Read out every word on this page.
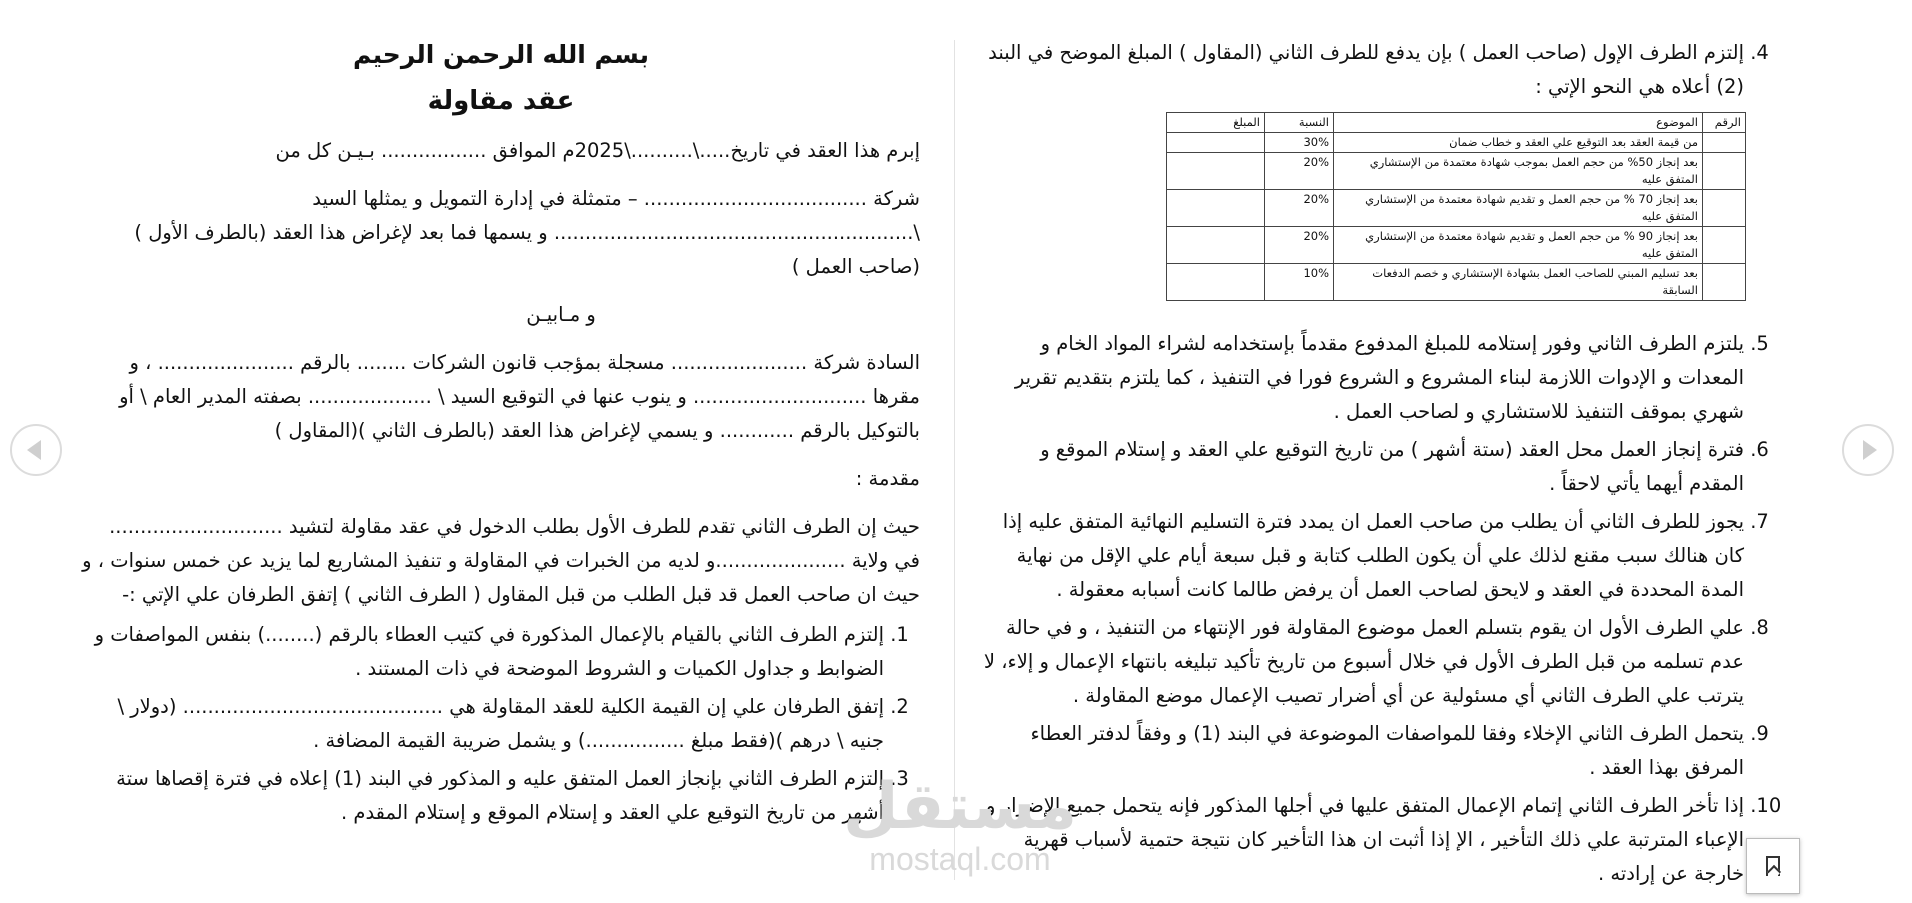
بسم الله الرحمن الرحيم

عقد مقاولة

إبرم هذا العقد في تاريخ.....\..........\2025م الموافق ................. بـيـن كل من

شركة .................................... – متمثلة في إدارة التمويل و يمثلها السيد \.......................................................... و يسمها فما بعد لإغراض هذا العقد (بالطرف الأول ) (صاحب العمل )

و مـابيـن

السادة شركة ...................... مسجلة بمؤجب قانون الشركات ........ بالرقم ...................... ، و مقرها ............................ و ينوب عنها في التوقيع السيد \ .................... بصفته المدير العام \ أو بالتوكيل بالرقم ............ و يسمي لإغراض هذا العقد (بالطرف الثاني )(المقاول )

مقدمة :

حيث إن الطرف الثاني تقدم للطرف الأول بطلب الدخول في عقد مقاولة لتشيد ............................ في ولاية .....................و لديه من الخبرات في المقاولة و تنفيذ المشاريع لما يزيد عن خمس سنوات ، و حيث ان صاحب العمل قد قبل الطلب من قبل المقاول ( الطرف الثاني ) إتفق الطرفان علي الإتي :-

1. إلتزم الطرف الثاني بالقيام بالإعمال المذكورة في كتيب العطاء بالرقم (........) بنفس المواصفات و الضوابط و جداول الكميات و الشروط الموضحة في ذات المستند .
2. إتفق الطرفان علي إن القيمة الكلية للعقد المقاولة هي .......................................... (دولار \ جنيه \ درهم )(فقط مبلغ ................) و يشمل ضريبة القيمة المضافة .
3. إلتزم الطرف الثاني بإنجاز العمل المتفق عليه و المذكور في البند (1) إعلاه في فترة إقصاها ستة أشهر من تاريخ التوقيع علي العقد و إستلام الموقع و إستلام المقدم .
4. إلتزم الطرف الإول (صاحب العمل ) بإن يدفع للطرف الثاني (المقاول ) المبلغ الموضح في البند (2) أعلاه هي النحو الإتي :
الرقم	الموضوع	النسبة	المبلغ
	من قيمة العقد بعد التوقيع علي العقد و خطاب ضمان	30%	
	بعد إنجاز 50% من حجم العمل بموجب شهادة معتمدة من الإستشاري المتفق عليه	20%	
	بعد إنجاز 70 % من حجم العمل و تقديم شهادة معتمدة من الإستشاري المتفق عليه	20%	
	بعد إنجاز 90 % من حجم العمل و تقديم شهادة معتمدة من الإستشاري المتفق عليه	20%	
	بعد تسليم المبني للصاحب العمل بشهادة الإستشاري و خصم الدفعات السابقة	10%	
5. يلتزم الطرف الثاني وفور إستلامه للمبلغ المدفوع مقدماً بإستخدامه لشراء المواد الخام و المعدات و الإدوات اللازمة لبناء المشروع و الشروع فورا في التنفيذ ، كما يلتزم بتقديم تقرير شهري بموقف التنفيذ للاستشاري و لصاحب العمل .
6. فترة إنجاز العمل محل العقد (ستة أشهر ) من تاريخ التوقيع علي العقد و إستلام الموقع و المقدم أيهما يأتي لاحقاً .
7. يجوز للطرف الثاني أن يطلب من صاحب العمل ان يمدد فترة التسليم النهائية المتفق عليه إذا كان هنالك سبب مقنع لذلك علي أن يكون الطلب كتابة و قبل سبعة أيام علي الإقل من نهاية المدة المحددة في العقد و لايحق لصاحب العمل أن يرفض طالما كانت أسبابه معقولة .
8. علي الطرف الأول ان يقوم بتسلم العمل موضوع المقاولة فور الإنتهاء من التنفيذ ، و في حالة عدم تسلمه من قبل الطرف الأول في خلال أسبوع من تاريخ تأكيد تبليغه بانتهاء الإعمال و إلاء، لا يترتب علي الطرف الثاني أي مسئولية عن أي أضرار تصيب الإعمال موضع المقاولة .
9. يتحمل الطرف الثاني الإخلاء وفقا للمواصفات الموضوعة في البند (1) و وفقاً لدفتر العطاء المرفق بهذا العقد .
10. إذا تأخر الطرف الثاني إتمام الإعمال المتفق عليها في أجلها المذكور فإنه يتحمل جميع الإضرار و الإعباء المترتبة علي ذلك التأخير ، الإ إذا أثبت ان هذا التأخير كان نتيجة حتمية لأسباب قهرية خارجة عن إرادته .
مستقل
mostaql.com
